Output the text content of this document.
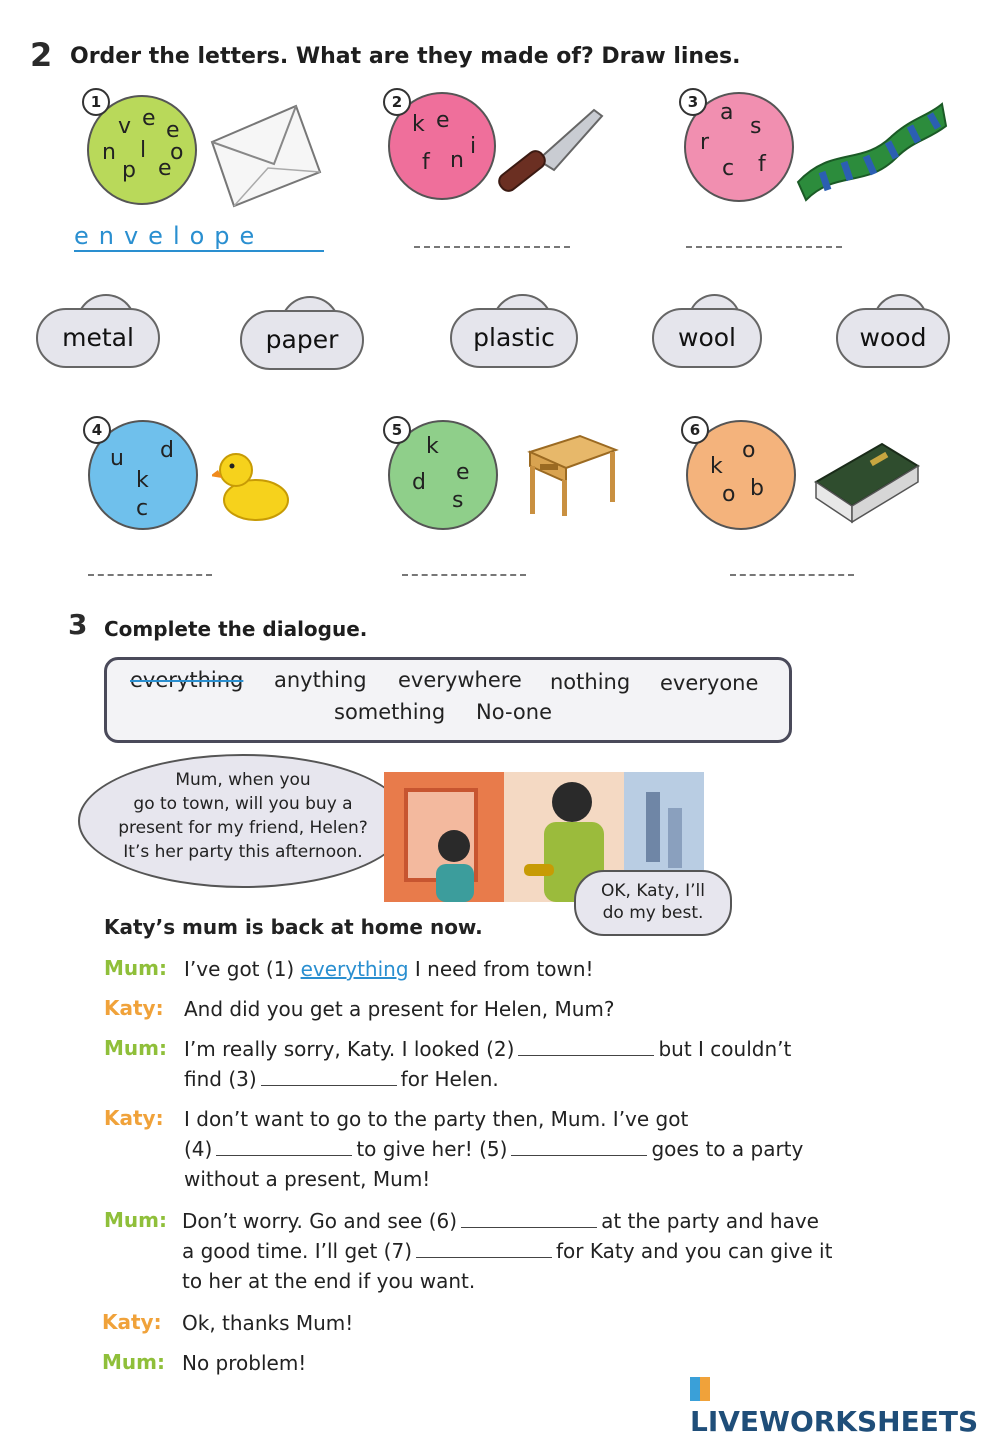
2 Order the letters. What are they made of? Draw lines.
1
v e e
n l o
p e
envelope
2
k e
f n
i
3 a
s
r
c f
metal	paper	plastic	wool	wood
4
u d
k
c
5
k
e
d
s
6
o
k
o b
3 Complete the dialogue.
everything anything everywhere nothing everyone
something No-one
Mum, when you
go to town, will you buy a
present for my friend, Helen?
It’s her party this afternoon.
OK, Katy, I’ll
do my best.
Katy’s mum is back at home now.
Mum: I’ve got (1) everything I need from town!
Katy: And did you get a present for Helen, Mum?
Mum: I’m really sorry, Katy. I looked (2)	but I couldn’t
find (3)	for Helen.
Katy: I don’t want to go to the party then, Mum. I’ve got
(4)	to give her! (5)	goes to a party
without a present, Mum!
Mum: Don’t worry. Go and see (6)	at the party and have
a good time. I’ll get (7)	for Katy and you can give it
to her at the end if you want.
Katy: Ok, thanks Mum!
Mum: No problem!
LIVEWORKSHEETS
